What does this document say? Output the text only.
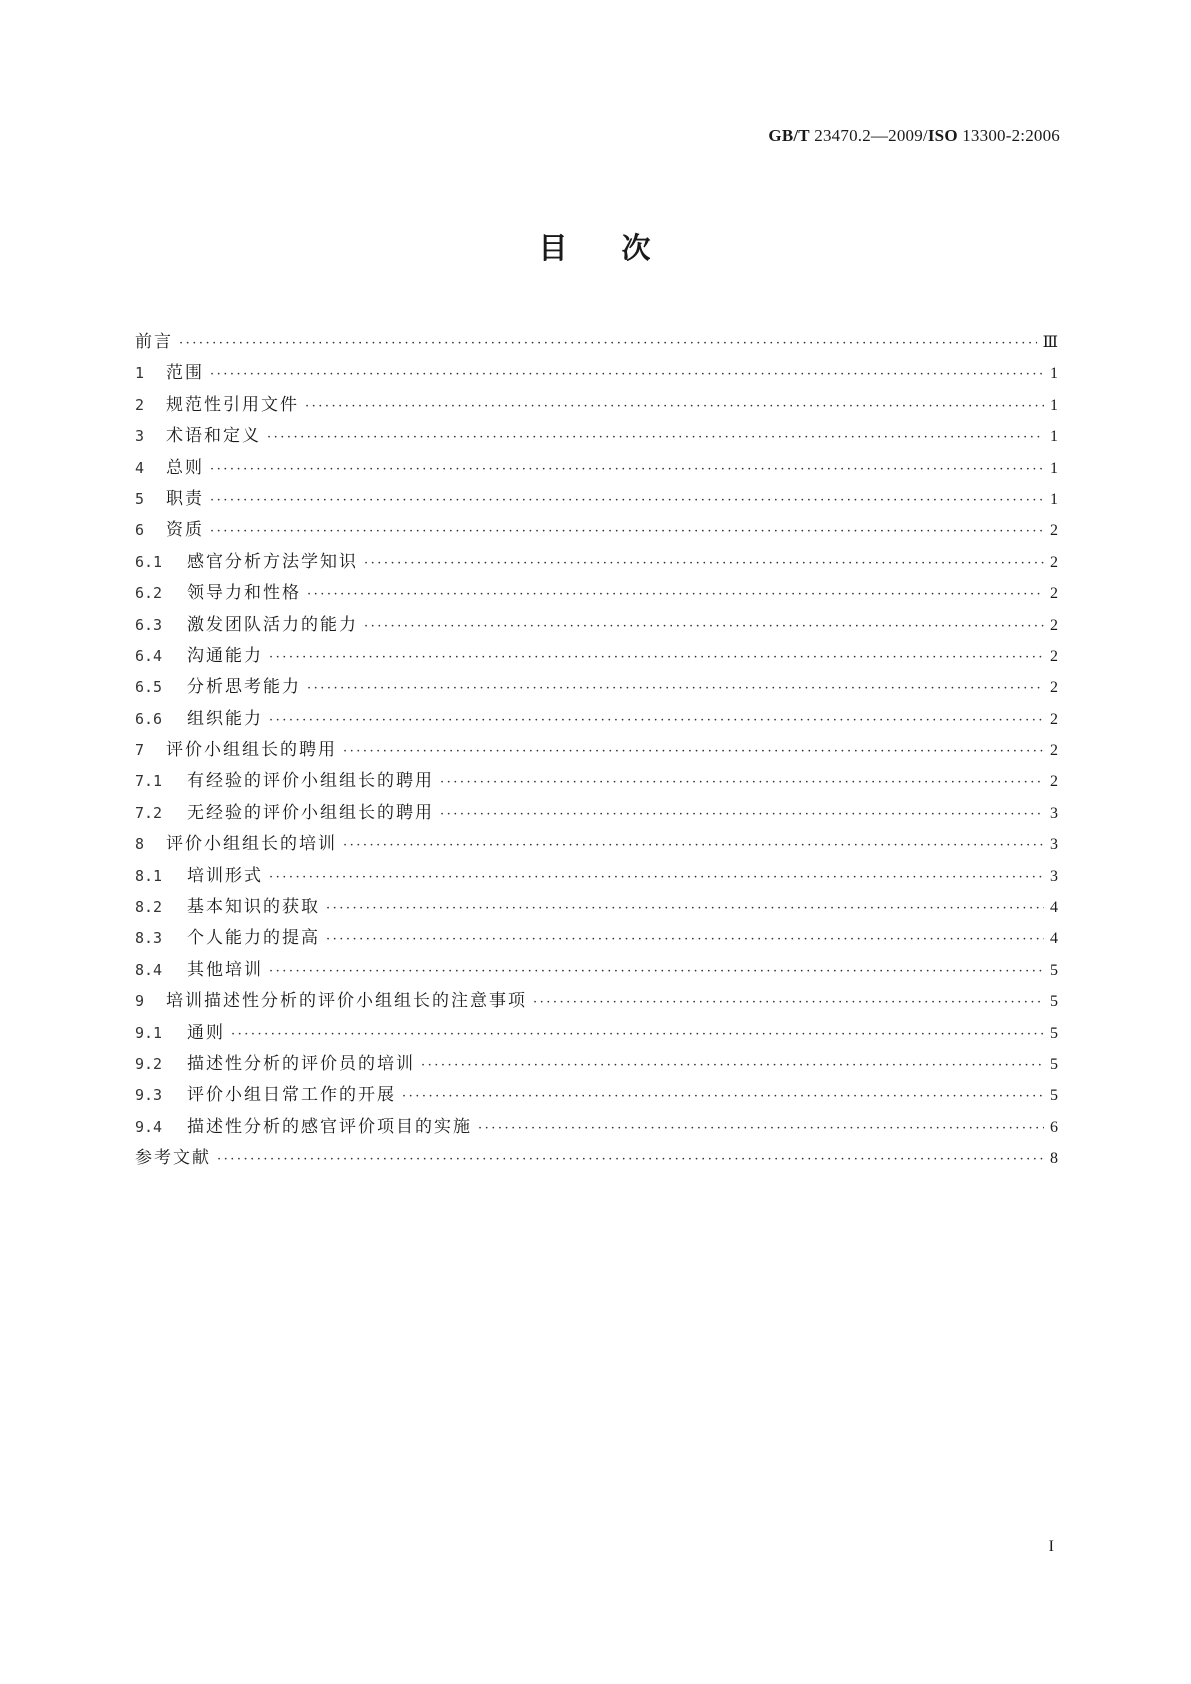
GB/T 23470.2—2009/ISO 13300-2:2006
目 次
前言 ·····	Ⅲ
1	范围 ·····	1
2	规范性引用文件 ·····	1
3	术语和定义 ·····	1
4	总则 ·····	1
5	职责 ·····	1
6	资质 ·····	2
6.1	感官分析方法学知识 ·····	2
6.2	领导力和性格 ·····	2
6.3	激发团队活力的能力 ·····	2
6.4	沟通能力 ·····	2
6.5	分析思考能力 ·····	2
6.6	组织能力 ·····	2
7	评价小组组长的聘用 ·····	2
7.1	有经验的评价小组组长的聘用 ·····	2
7.2	无经验的评价小组组长的聘用 ·····	3
8	评价小组组长的培训 ·····	3
8.1	培训形式 ·····	3
8.2	基本知识的获取 ·····	4
8.3	个人能力的提高 ·····	4
8.4	其他培训 ·····	5
9	培训描述性分析的评价小组组长的注意事项 ·····	5
9.1	通则 ·····	5
9.2	描述性分析的评价员的培训 ·····	5
9.3	评价小组日常工作的开展 ·····	5
9.4	描述性分析的感官评价项目的实施 ·····	6
参考文献 ·····	8
I
